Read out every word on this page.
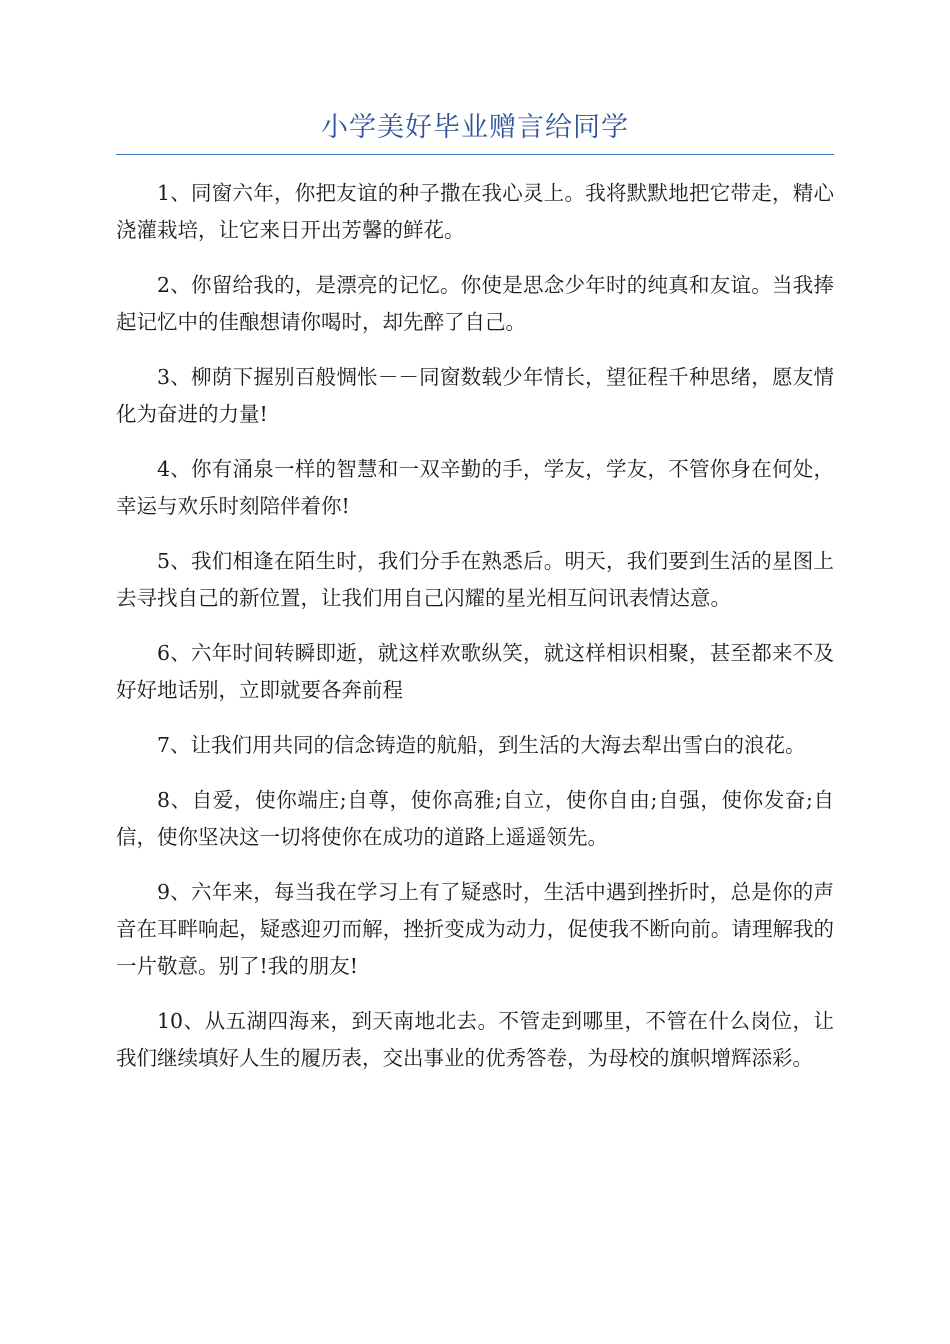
小学美好毕业赠言给同学

1、同窗六年，你把友谊的种子撒在我心灵上。我将默默地把它带走，精心浇灌栽培，让它来日开出芳馨的鲜花。

2、你留给我的，是漂亮的记忆。你使是思念少年时的纯真和友谊。当我捧起记忆中的佳酿想请你喝时，却先醉了自己。

3、柳荫下握别百般惆怅－－同窗数载少年情长，望征程千种思绪，愿友情化为奋进的力量!

4、你有涌泉一样的智慧和一双辛勤的手，学友，学友，不管你身在何处，幸运与欢乐时刻陪伴着你!

5、我们相逢在陌生时，我们分手在熟悉后。明天，我们要到生活的星图上去寻找自己的新位置，让我们用自己闪耀的星光相互问讯表情达意。

6、六年时间转瞬即逝，就这样欢歌纵笑，就这样相识相聚，甚至都来不及好好地话别，立即就要各奔前程

7、让我们用共同的信念铸造的航船，到生活的大海去犁出雪白的浪花。

8、自爱，使你端庄;自尊，使你高雅;自立，使你自由;自强，使你发奋;自信，使你坚决这一切将使你在成功的道路上遥遥领先。

9、六年来，每当我在学习上有了疑惑时，生活中遇到挫折时，总是你的声音在耳畔响起，疑惑迎刃而解，挫折变成为动力，促使我不断向前。请理解我的一片敬意。别了!我的朋友!

10、从五湖四海来，到天南地北去。不管走到哪里，不管在什么岗位，让我们继续填好人生的履历表，交出事业的优秀答卷，为母校的旗帜增辉添彩。
